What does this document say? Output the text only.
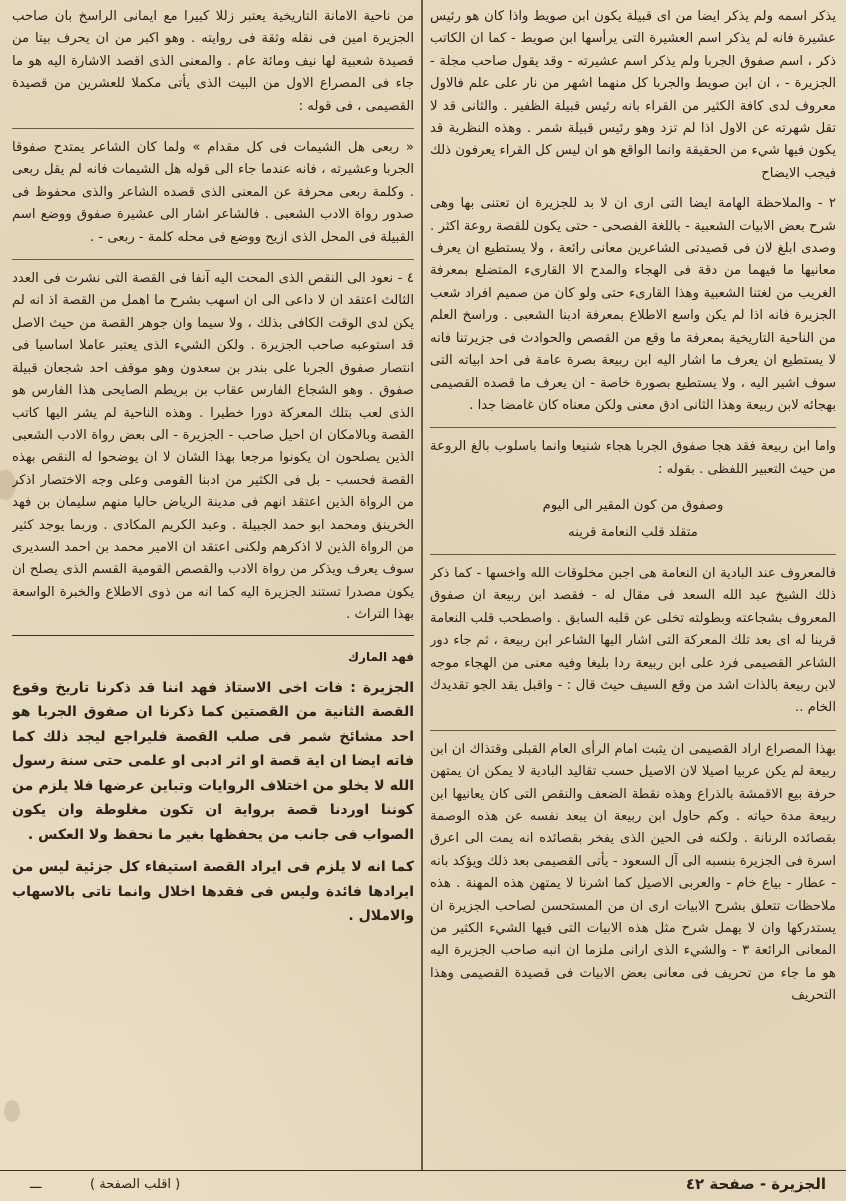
يذكر اسمه ولم يذكر ايضا من اى قبيلة يكون ابن صويط واذا كان هو رئيس عشيرة فانه لم يذكر اسم العشيرة التى يرأسها ابن صويط - كما ان الكاتب ذكر ، اسم صفوق الجربا ولم يذكر اسم عشيرته - وقد يقول صاحب مجلة - الجزيرة - ، ان ابن صويط والجربا كل منهما اشهر من نار على علم فالاول معروف لدى كافة الكثير من القراء بانه رئيس قبيلة الظفير . والثانى قد لا تقل شهرته عن الاول اذا لم تزد وهو رئيس قبيلة شمر . وهذه النظرية قد يكون فيها شيء من الحقيقة وانما الواقع هو ان ليس كل القراء يعرفون ذلك فيجب الايضاح

٢ - والملاحظة الهامة ايضا التى ارى ان لا بد للجزيرة ان تعتنى بها وهى شرح بعض الابيات الشعبية - باللغة الفصحى - حتى يكون للقصة روعة اكثر . وصدى ابلغ لان فى قصيدتى الشاعرين معانى رائعة ، ولا يستطيع ان يعرف معانيها ما فيهما من دقة فى الهجاء والمدح الا القارىء المتضلع بمعرفة الغريب من لغتنا الشعبية وهذا القارىء حتى ولو كان من صميم افراد شعب الجزيرة فانه اذا لم يكن واسع الاطلاع بمعرفة ادبنا الشعبى . وراسخ العلم من الناحية التاريخية بمعرفة ما وقع من القصص والحوادث فى جزيرتنا فانه لا يستطيع ان يعرف ما اشار اليه ابن ربيعة بصرة عامة فى احد ابياته التى سوف اشير اليه ، ولا يستطيع بصورة خاصة - ان يعرف ما قصده القصيمى بهجائه لابن ربيعة وهذا الثانى ادق معنى ولكن معناه كان غامضا جدا .

واما ابن ربيعة فقد هجا صفوق الجربا هجاء شنيعا وانما باسلوب بالغ الروعة من حيث التعبير اللفظى . بقوله :

وصفوق من كون المقير الى اليوم
متقلد قلب النعامة قرينه

فالمعروف عند البادية ان النعامة هى اجبن مخلوقات الله واخسها - كما ذكر ذلك الشيخ عبد الله السعد فى مقال له - فقصد ابن ربيعة ان صفوق المعروف بشجاعته وبطولته تخلى عن قلبه السابق . واصطحب قلب النعامة قرينا له اى بعد تلك المعركة التى اشار اليها الشاعر ابن ربيعة ، ثم جاء دور الشاعر القصيمى فرد على ابن ربيعة ردا بليغا وفيه معنى من الهجاء موجه لابن ربيعة بالذات اشد من وقع السيف حيث قال : - واقبل يقد الجو تقديدك الخام ..

بهذا المصراع اراد القصيمى ان يثبت امام الرأى العام القبلى وقتذاك ان ابن ربيعة لم يكن عربيا اصيلا لان الاصيل حسب تقاليد البادية لا يمكن ان يمتهن حرفة بيع الاقمشة بالذراع وهذه نقطة الضعف والنقص التى كان يعانيها ابن ربيعة مدة حياته . وكم حاول ابن ربيعة ان يبعد نفسه عن هذه الوصمة بقصائده الرنانة . ولكنه فى الحين الذى يفخر بقصائده انه يمت الى اعرق اسرة فى الجزيرة بنسبه الى آل السعود - يأتى القصيمى بعد ذلك ويؤكد بانه - عطار - بياع خام - والعربى الاصيل كما اشرنا لا يمتهن هذه المهنة . هذه ملاحظات تتعلق بشرح الابيات ارى ان من المستحسن لصاحب الجزيرة ان يستدركها وان لا يهمل شرح مثل هذه الابيات التى فيها الشيء الكثير من المعانى الرائعة ٣ - والشيء الذى ارانى ملزما ان انبه صاحب الجزيرة اليه هو ما جاء من تحريف فى معانى بعض الابيات فى قصيدة القصيمى وهذا التحريف

من ناحية الامانة التاريخية يعتبر زللا كبيرا مع ايمانى الراسخ بان صاحب الجزيرة امين فى نقله وثقة فى روايته . وهو اكبر من ان يحرف بيتا من قصيدة شعبية لها نيف ومائة عام . والمعنى الذى اقصد الاشارة اليه هو ما جاء فى المصراع الاول من البيت الذى يأتى مكملا للعشرين من قصيدة القصيمى ، فى قوله :

« ربعى هل الشيمات فى كل مقدام » ولما كان الشاعر يمتدح صفوقا الجربا وعشيرته ، فانه عندما جاء الى قوله هل الشيمات فانه لم يقل ربعى . وكلمة ربعى محرفة عن المعنى الذى قصده الشاعر والذى محفوظ فى صدور رواة الادب الشعبى . فالشاعر اشار الى عشيرة صفوق ووضع اسم القبيلة فى المحل الذى ازيح ووضع فى محله كلمة - ربعى - .

٤ - نعود الى النقص الذى المحت اليه آنفا فى القصة التى نشرت فى العدد الثالث اعتقد ان لا داعى الى ان اسهب بشرح ما اهمل من القصة اذ انه لم يكن لدى الوقت الكافى بذلك ، ولا سيما وان جوهر القصة من حيث الاصل قد استوعبه صاحب الجزيرة . ولكن الشيء الذى يعتبر عاملا اساسيا فى انتصار صفوق الجربا على بندر بن سعدون وهو موقف احد شجعان قبيلة صفوق . وهو الشجاع الفارس عقاب بن بريطم الصايحى هذا الفارس هو الذى لعب بتلك المعركة دورا خطيرا . وهذه الناحية لم يشر اليها كاتب القصة وبالامكان ان احيل صاحب - الجزيرة - الى بعض رواة الادب الشعبى الذين يصلحون ان يكونوا مرجعا بهذا الشان لا ان يوضحوا له النقص بهذه القصة فحسب - بل فى الكثير من ادبنا القومى وعلى وجه الاختصار اذكر من الرواة الذين اعتقد انهم فى مدينة الرياض حاليا منهم سليمان بن فهد الخرينق ومحمد ابو حمد الجبيلة . وعبد الكريم المكادى . وربما يوجد كثير من الرواة الذين لا اذكرهم ولكنى اعتقد ان الامير محمد بن احمد السديرى سوف يعرف ويذكر من رواة الادب والقصص القومية القسم الذى يصلح ان يكون مصدرا تستند الجزيرة اليه كما انه من ذوى الاطلاع والخبرة الواسعة بهذا التراث .

فهد المارك

الجزيرة : فات اخى الاستاذ فهد اننا قد ذكرنا تاريخ وقوع القصة الثانية من القصتين كما ذكرنا ان صفوق الجربا هو احد مشائخ شمر فى صلب القصة فليراجع ليجد ذلك كما فاته ايضا ان اية قصة او اثر ادبى او علمى حتى سنة رسول الله لا يخلو من اختلاف الروايات وتباين عرضها فلا يلزم من كوننا اوردنا قصة برواية ان تكون مغلوطة وان يكون الصواب فى جانب من يحفظها بغير ما نحفظ ولا العكس .

كما انه لا يلزم فى ايراد القصة استيفاء كل جزئية ليس من ايرادها فائدة وليس فى فقدها اخلال وانما تاتى بالاسهاب والاملال .

الجزيرة - صفحة ٤٢
( اقلب الصفحة )
ـــ
